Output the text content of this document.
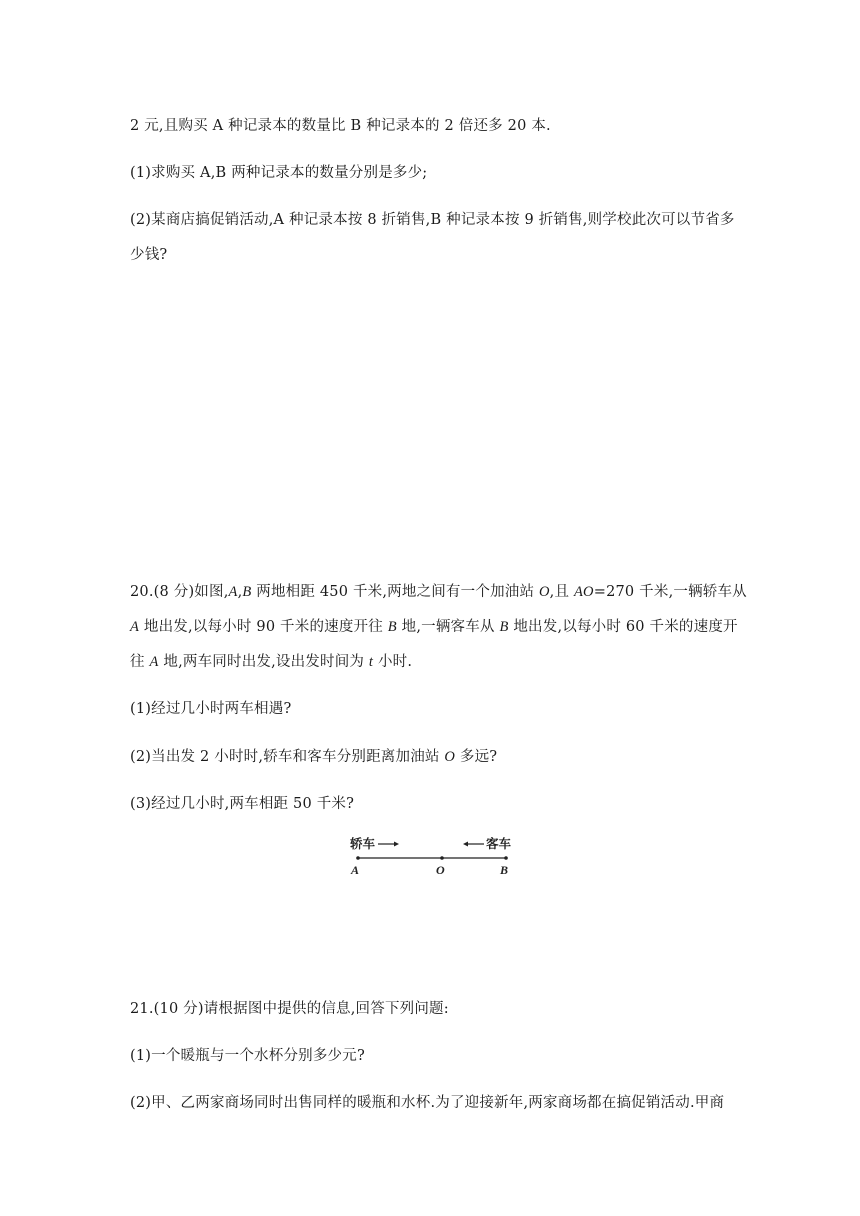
2 元,且购买 A 种记录本的数量比 B 种记录本的 2 倍还多 20 本.
(1)求购买 A,B 两种记录本的数量分别是多少;
(2)某商店搞促销活动,A 种记录本按 8 折销售,B 种记录本按 9 折销售,则学校此次可以节省多
少钱?
20.(8 分)如图,A,B 两地相距 450 千米,两地之间有一个加油站 O,且 AO=270 千米,一辆轿车从
A 地出发,以每小时 90 千米的速度开往 B 地,一辆客车从 B 地出发,以每小时 60 千米的速度开
往 A 地,两车同时出发,设出发时间为 t 小时.
(1)经过几小时两车相遇?
(2)当出发 2 小时时,轿车和客车分别距离加油站 O 多远?
(3)经过几小时,两车相距 50 千米?
轿车	客车
A	O	B
21.(10 分)请根据图中提供的信息,回答下列问题:
(1)一个暖瓶与一个水杯分别多少元?
(2)甲、乙两家商场同时出售同样的暖瓶和水杯.为了迎接新年,两家商场都在搞促销活动.甲商
